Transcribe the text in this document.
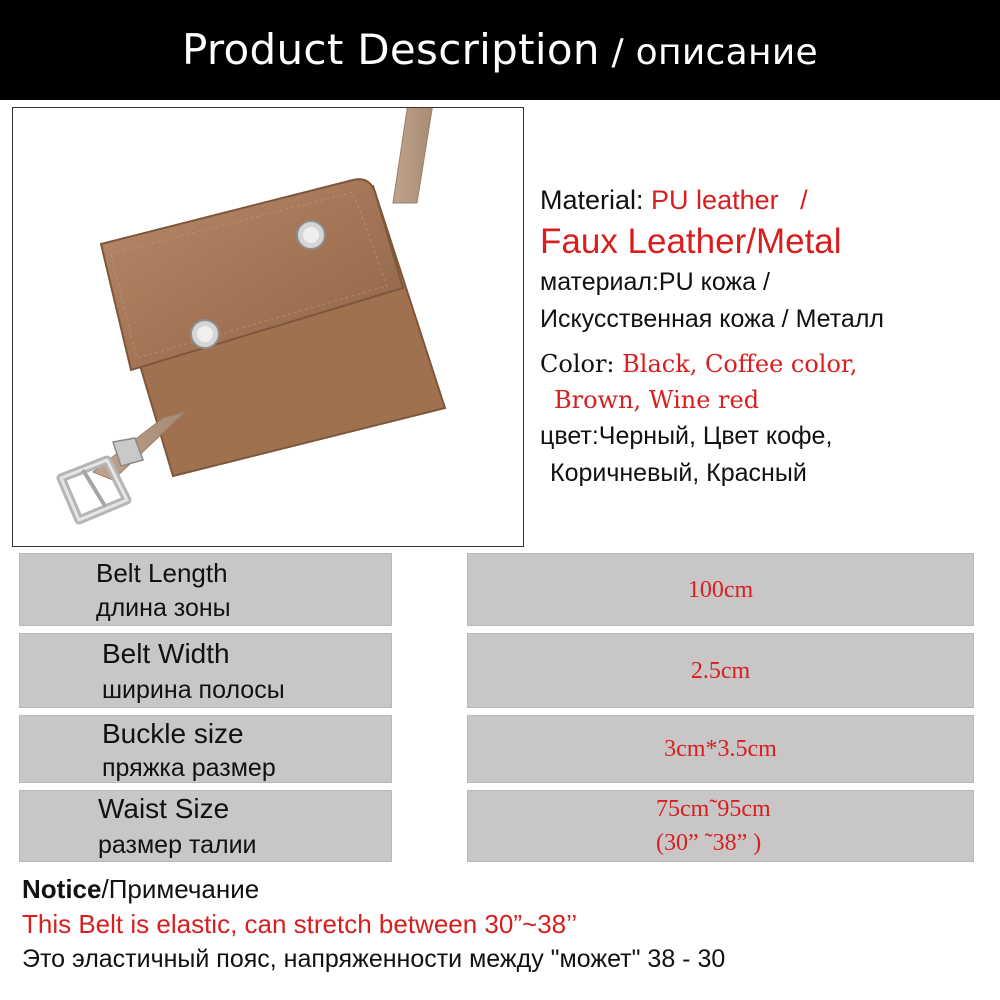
Product Description / описание
Material: PU leather /
Faux Leather/Metal
материал:PU кожа /
Искусственная кожа / Металл
Color: Black, Coffee color,
Brown, Wine red
цвет:Черный, Цвет кофе,
Коричневый, Красный
Belt Length
длина зоны
100cm
Belt Width
ширина полосы
2.5cm
Buckle size
пряжка размер
3cm*3.5cm
Waist Size
размер талии
75cm˜95cm
(30” ˜38” )
Notice/Примечание
This Belt is elastic, can stretch between 30”~38’’
Это эластичный пояс, напряженности между "может" 38 - 30
